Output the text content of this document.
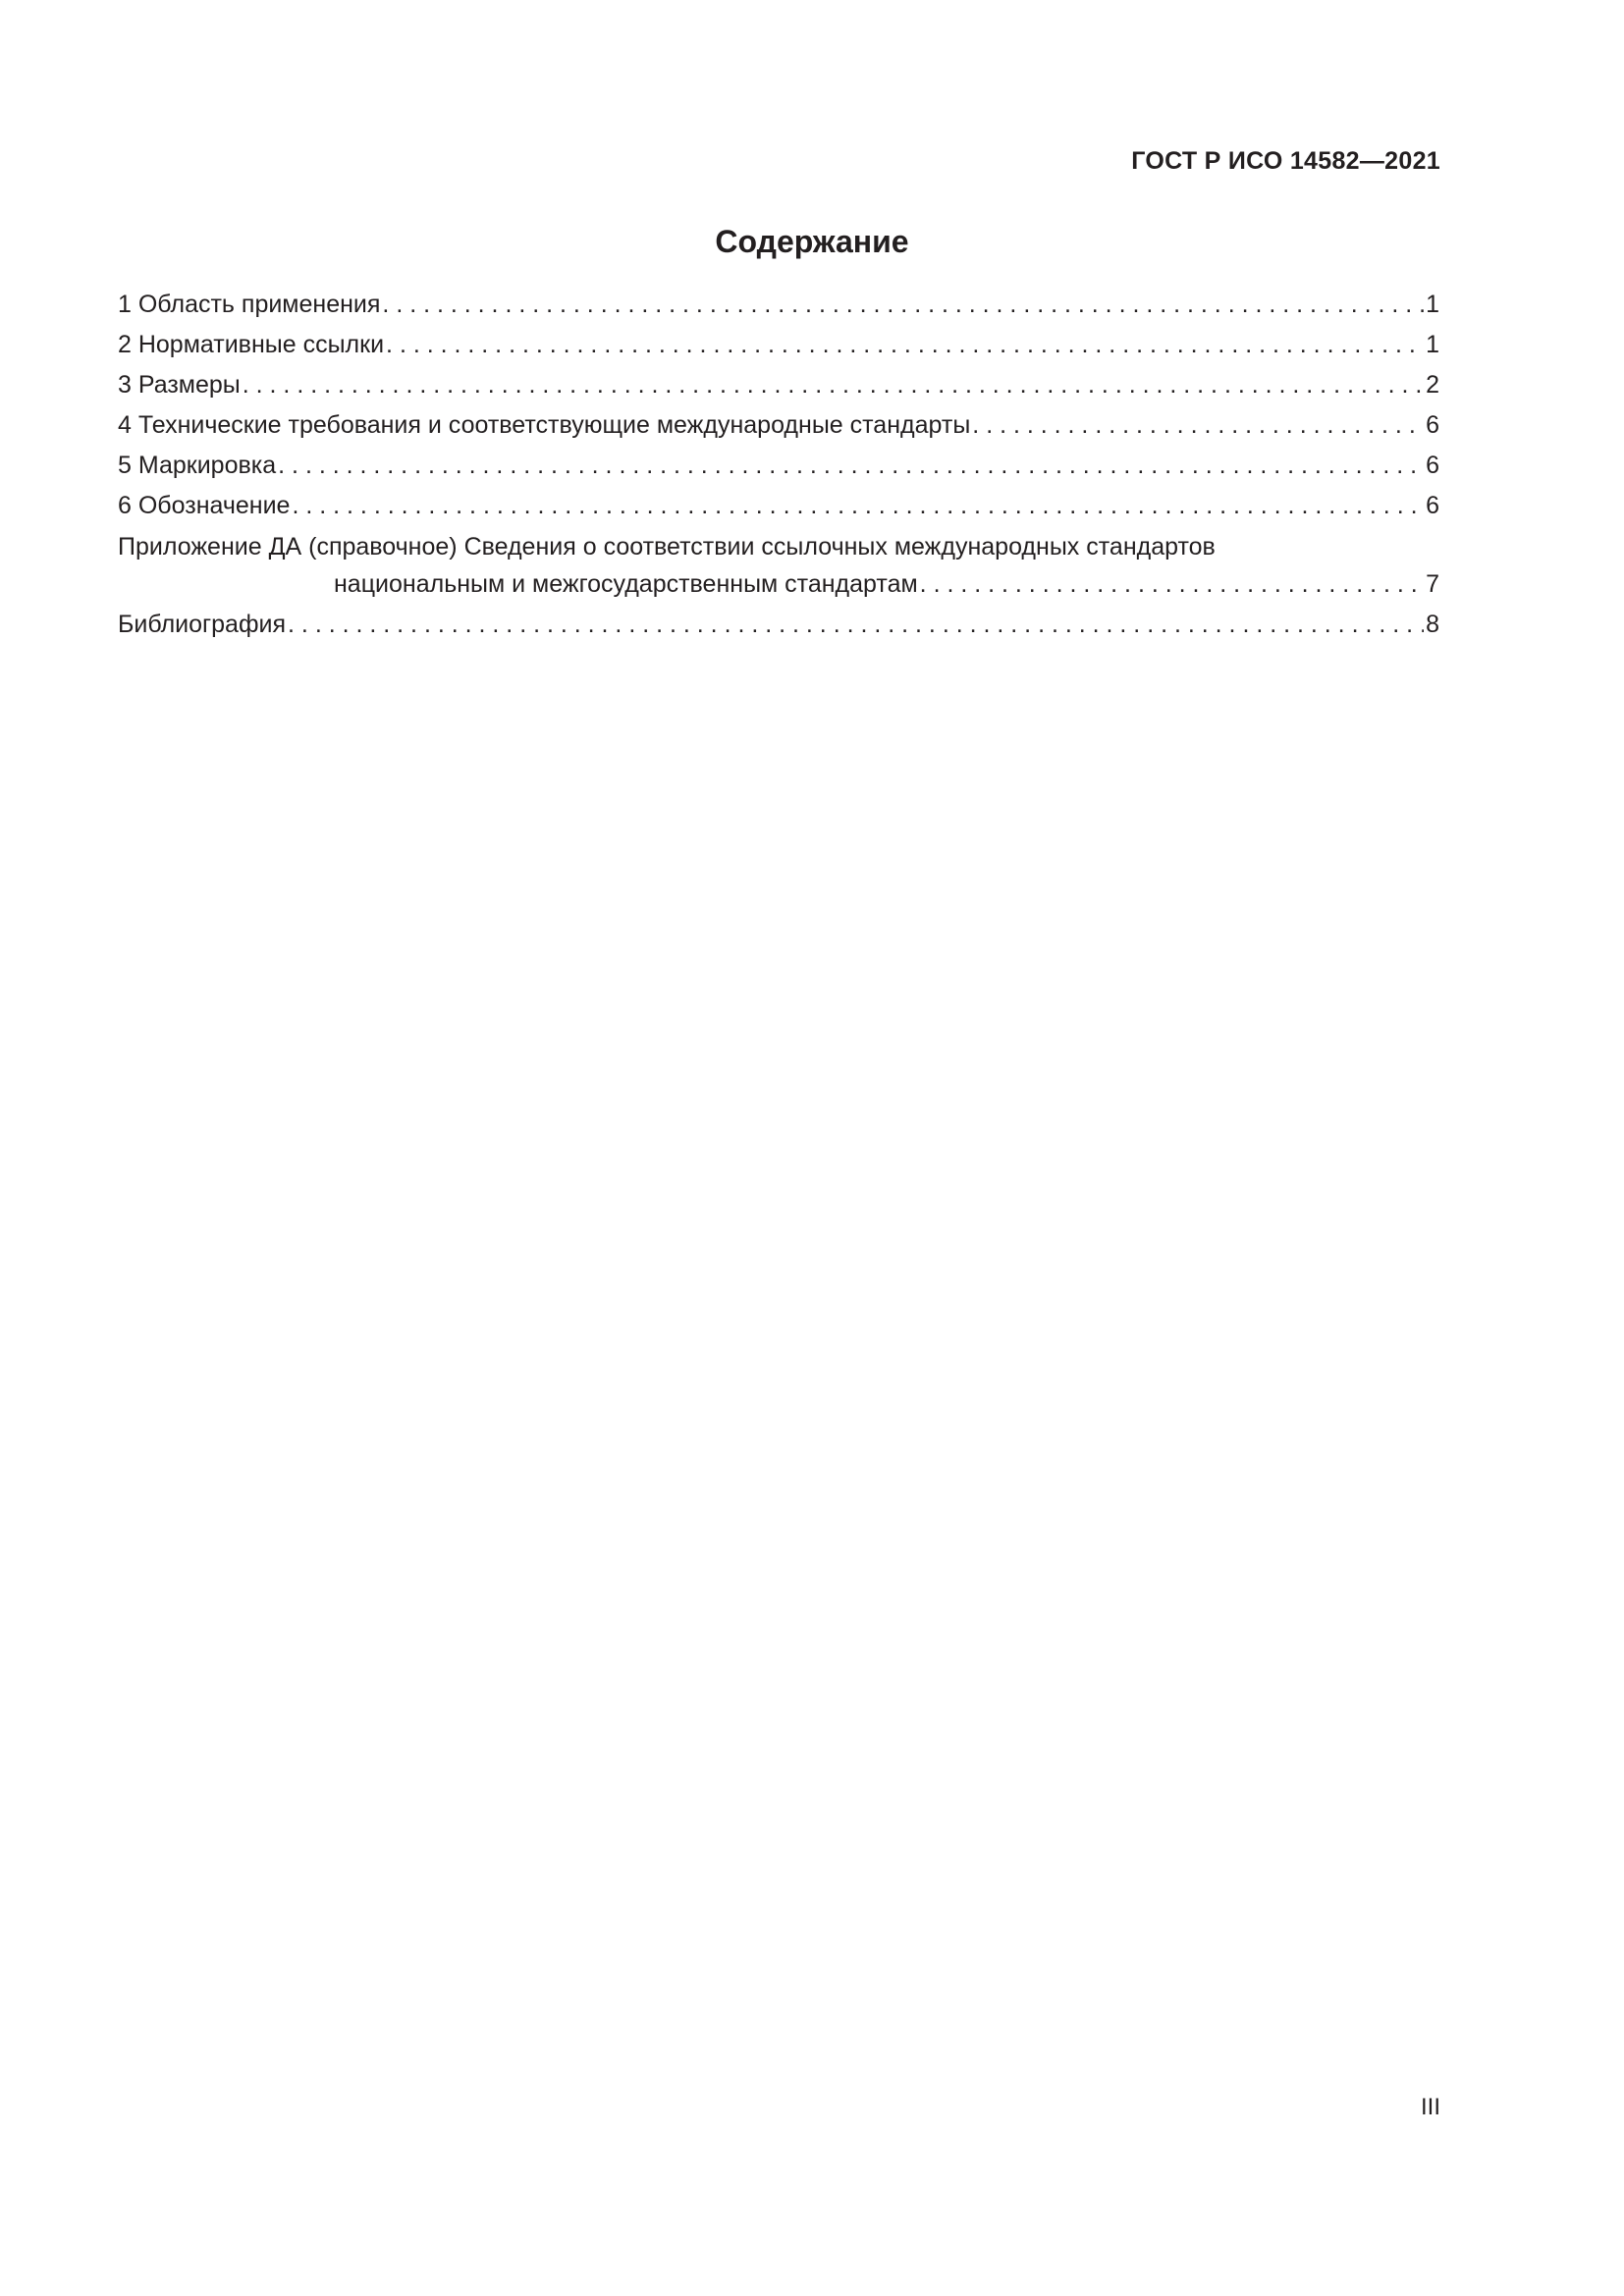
ГОСТ Р ИСО 14582—2021
Содержание
1 Область применения . . .	1
2 Нормативные ссылки . . .	1
3 Размеры . . .	2
4 Технические требования и соответствующие международные стандарты . . .	6
5 Маркировка . . .	6
6 Обозначение . . .	6
Приложение ДА (справочное) Сведения о соответствии ссылочных международных стандартов
национальным и межгосударственным стандартам . . .	7
Библиография . . .	8
III
